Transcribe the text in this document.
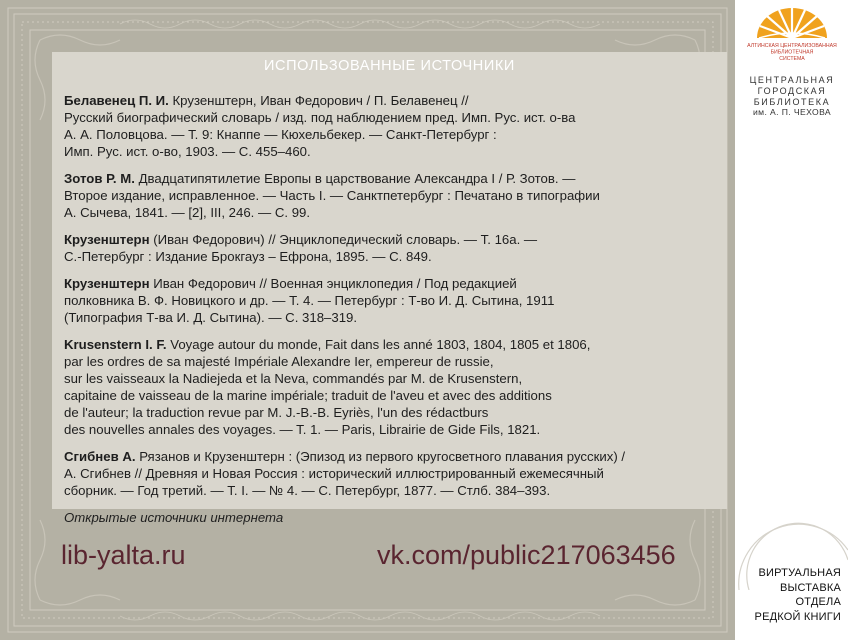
ИСПОЛЬЗОВАННЫЕ ИСТОЧНИКИ
Белавенец П. И. Крузенштерн, Иван Федорович / П. Белавенец //
Русский биографический словарь / изд. под наблюдением пред. Имп. Рус. ист. о-ва
А. А. Половцова. — Т. 9: Кнаппе — Кюхельбекер. — Санкт-Петербург :
Имп. Рус. ист. о-во, 1903. — С. 455–460.
Зотов Р. М. Двадцатипятилетие Европы в царствование Александра I / Р. Зотов. —
Второе издание, исправленное. — Часть I. — Санктпетербург : Печатано в типографии
А. Сычева, 1841. — [2], III, 246. — С. 99.
Крузенштерн (Иван Федорович) // Энциклопедический словарь. — Т. 16а. —
С.-Петербург : Издание Брокгауз – Ефрона, 1895. — С. 849.
Крузенштерн Иван Федорович // Военная энциклопедия / Под редакцией
полковника В. Ф. Новицкого и др. — Т. 4. — Петербург : Т-во И. Д. Сытина, 1911
(Типография Т-ва И. Д. Сытина). — С. 318–319.
Krusenstern I. F. Voyage autour du monde, Fait dans les anné 1803, 1804, 1805 et 1806,
par les ordres de sa majesté Impériale Alexandre Ier, empereur de russie,
sur les vaisseaux la Nadiejeda et la Neva, commandés par M. de Krusenstern,
capitaine de vaisseau de la marine impériale; traduit de l'aveu et avec des additions
de l'auteur; la traduction revue par M. J.-B.-B. Eyriès, l'un des rédactburs
des nouvelles annales des voyages. — T. 1. — Paris, Librairie de Gide Fils, 1821.
Сгибнев А. Рязанов и Крузенштерн : (Эпизод из первого кругосветного плавания русских) /
А. Сгибнев // Древняя и Новая Россия : исторический иллюстрированный ежемесячный
сборник. — Год третий. — Т. I. — № 4. — С. Петербург, 1877. — Стлб. 384–393.
Открытые источники интернета
lib-yalta.ru	vk.com/public217063456
АЛТИНСКАЯ ЦЕНТРАЛИЗОВАННАЯ
БИБЛИОТЕЧНАЯ
СИСТЕМА
ЦЕНТРАЛЬНАЯ
ГОРОДСКАЯ
БИБЛИОТЕКА
им. А. П. ЧЕХОВА
ВИРТУАЛЬНАЯ
ВЫСТАВКА
ОТДЕЛА
РЕДКОЙ КНИГИ
